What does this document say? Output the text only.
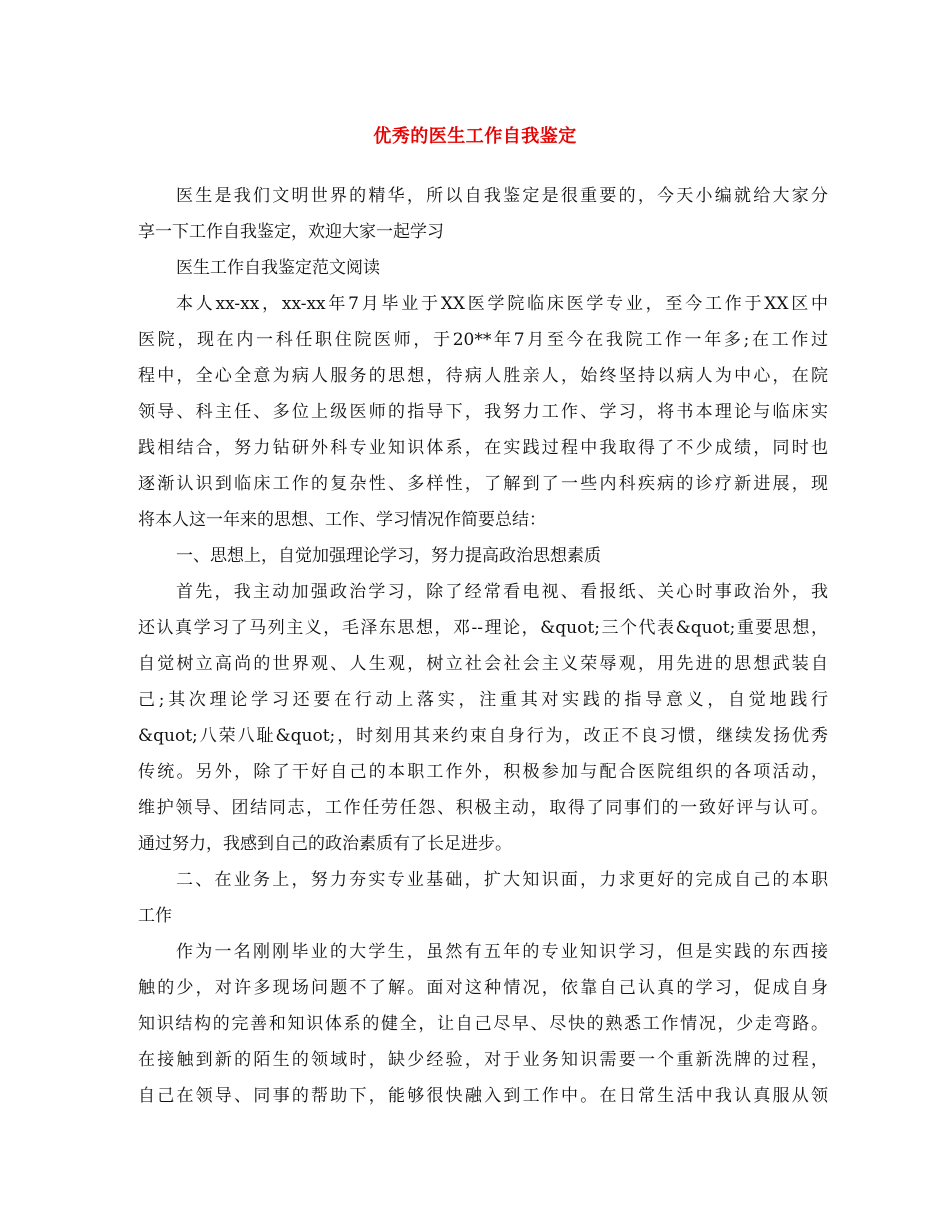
优秀的医生工作自我鉴定
医生是我们文明世界的精华，所以自我鉴定是很重要的，今天小编就给大家分
享一下工作自我鉴定，欢迎大家一起学习
医生工作自我鉴定范文阅读
本人xx-xx，xx-xx年7月毕业于XX医学院临床医学专业，至今工作于XX区中
医院，现在内一科任职住院医师，于20**年7月至今在我院工作一年多;在工作过
程中，全心全意为病人服务的思想，待病人胜亲人，始终坚持以病人为中心，在院
领导、科主任、多位上级医师的指导下，我努力工作、学习，将书本理论与临床实
践相结合，努力钻研外科专业知识体系，在实践过程中我取得了不少成绩，同时也
逐渐认识到临床工作的复杂性、多样性，了解到了一些内科疾病的诊疗新进展，现
将本人这一年来的思想、工作、学习情况作简要总结：
一、思想上，自觉加强理论学习，努力提高政治思想素质
首先，我主动加强政治学习，除了经常看电视、看报纸、关心时事政治外，我
还认真学习了马列主义，毛泽东思想，邓--理论，&quot;三个代表&quot;重要思想，
自觉树立高尚的世界观、人生观，树立社会社会主义荣辱观，用先进的思想武装自
己;其次理论学习还要在行动上落实，注重其对实践的指导意义，自觉地践行
&quot;八荣八耻&quot;，时刻用其来约束自身行为，改正不良习惯，继续发扬优秀
传统。另外，除了干好自己的本职工作外，积极参加与配合医院组织的各项活动，
维护领导、团结同志，工作任劳任怨、积极主动，取得了同事们的一致好评与认可。
通过努力，我感到自己的政治素质有了长足进步。
二、在业务上，努力夯实专业基础，扩大知识面，力求更好的完成自己的本职
工作
作为一名刚刚毕业的大学生，虽然有五年的专业知识学习，但是实践的东西接
触的少，对许多现场问题不了解。面对这种情况，依靠自己认真的学习，促成自身
知识结构的完善和知识体系的健全，让自己尽早、尽快的熟悉工作情况，少走弯路。
在接触到新的陌生的领域时，缺少经验，对于业务知识需要一个重新洗牌的过程，
自己在领导、同事的帮助下，能够很快融入到工作中。在日常生活中我认真服从领
